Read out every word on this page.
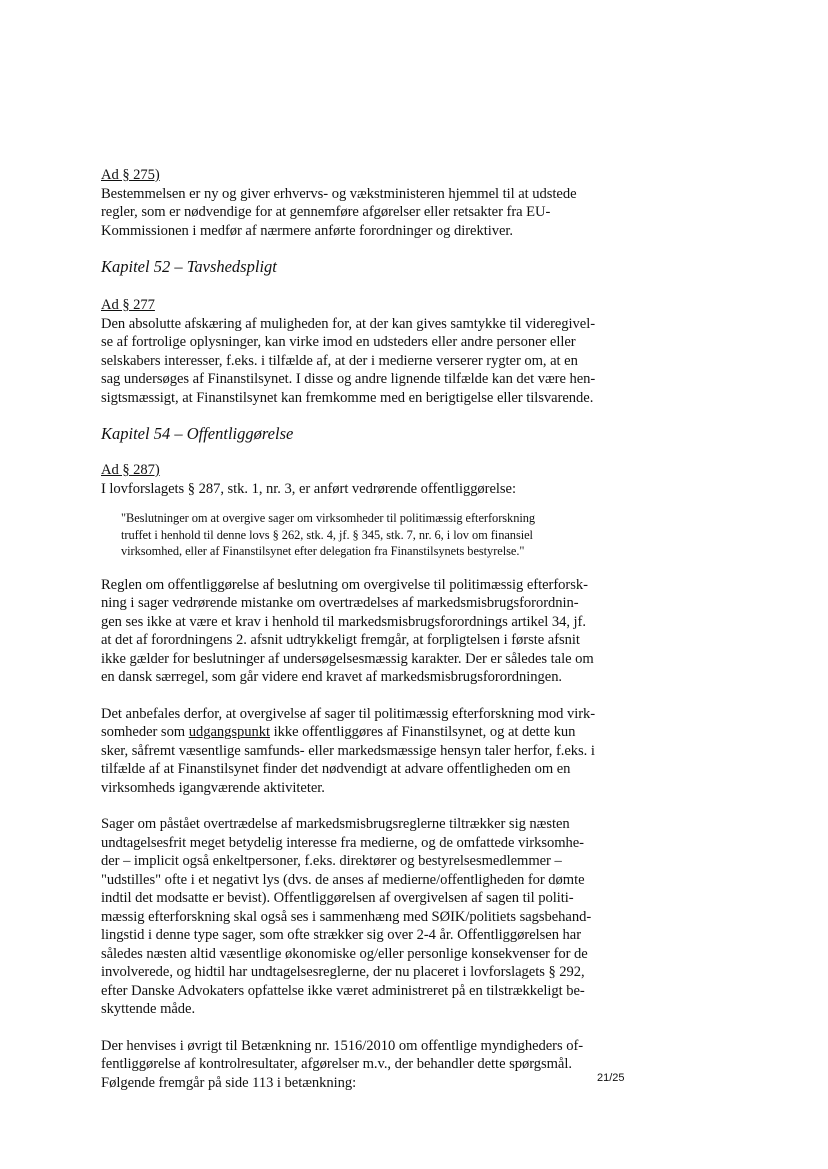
Ad § 275)
Bestemmelsen er ny og giver erhvervs- og vækstministeren hjemmel til at udstede
regler, som er nødvendige for at gennemføre afgørelser eller retsakter fra EU-
Kommissionen i medfør af nærmere anførte forordninger og direktiver.
Kapitel 52 – Tavshedspligt
Ad § 277
Den absolutte afskæring af muligheden for, at der kan gives samtykke til videregivel-
se af fortrolige oplysninger, kan virke imod en udsteders eller andre personer eller
selskabers interesser, f.eks. i tilfælde af, at der i medierne verserer rygter om, at en
sag undersøges af Finanstilsynet. I disse og andre lignende tilfælde kan det være hen-
sigtsmæssigt, at Finanstilsynet kan fremkomme med en berigtigelse eller tilsvarende.
Kapitel 54 – Offentliggørelse
Ad § 287)
I lovforslagets § 287, stk. 1, nr. 3, er anført vedrørende offentliggørelse:
"Beslutninger om at overgive sager om virksomheder til politimæssig efterforskning
truffet i henhold til denne lovs § 262, stk. 4, jf. § 345, stk. 7, nr. 6, i lov om finansiel
virksomhed, eller af Finanstilsynet efter delegation fra Finanstilsynets bestyrelse."
Reglen om offentliggørelse af beslutning om overgivelse til politimæssig efterforsk-
ning i sager vedrørende mistanke om overtrædelses af markedsmisbrugsforordnin-
gen ses ikke at være et krav i henhold til markedsmisbrugsforordnings artikel 34, jf.
at det af forordningens 2. afsnit udtrykkeligt fremgår, at forpligtelsen i første afsnit
ikke gælder for beslutninger af undersøgelsesmæssig karakter. Der er således tale om
en dansk særregel, som går videre end kravet af markedsmisbrugsforordningen.
Det anbefales derfor, at overgivelse af sager til politimæssig efterforskning mod virk-
somheder som udgangspunkt ikke offentliggøres af Finanstilsynet, og at dette kun
sker, såfremt væsentlige samfunds- eller markedsmæssige hensyn taler herfor, f.eks. i
tilfælde af at Finanstilsynet finder det nødvendigt at advare offentligheden om en
virksomheds igangværende aktiviteter.
Sager om påstået overtrædelse af markedsmisbrugsreglerne tiltrækker sig næsten
undtagelsesfrit meget betydelig interesse fra medierne, og de omfattede virksomhe-
der – implicit også enkeltpersoner, f.eks. direktører og bestyrelsesmedlemmer –
"udstilles" ofte i et negativt lys (dvs. de anses af medierne/offentligheden for dømte
indtil det modsatte er bevist). Offentliggørelsen af overgivelsen af sagen til politi-
mæssig efterforskning skal også ses i sammenhæng med SØIK/politiets sagsbehand-
lingstid i denne type sager, som ofte strækker sig over 2-4 år. Offentliggørelsen har
således næsten altid væsentlige økonomiske og/eller personlige konsekvenser for de
involverede, og hidtil har undtagelsesreglerne, der nu placeret i lovforslagets § 292,
efter Danske Advokaters opfattelse ikke været administreret på en tilstrækkeligt be-
skyttende måde.
Der henvises i øvrigt til Betænkning nr. 1516/2010 om offentlige myndigheders of-
fentliggørelse af kontrolresultater, afgørelser m.v., der behandler dette spørgsmål.
Følgende fremgår på side 113 i betænkning:	21/25
